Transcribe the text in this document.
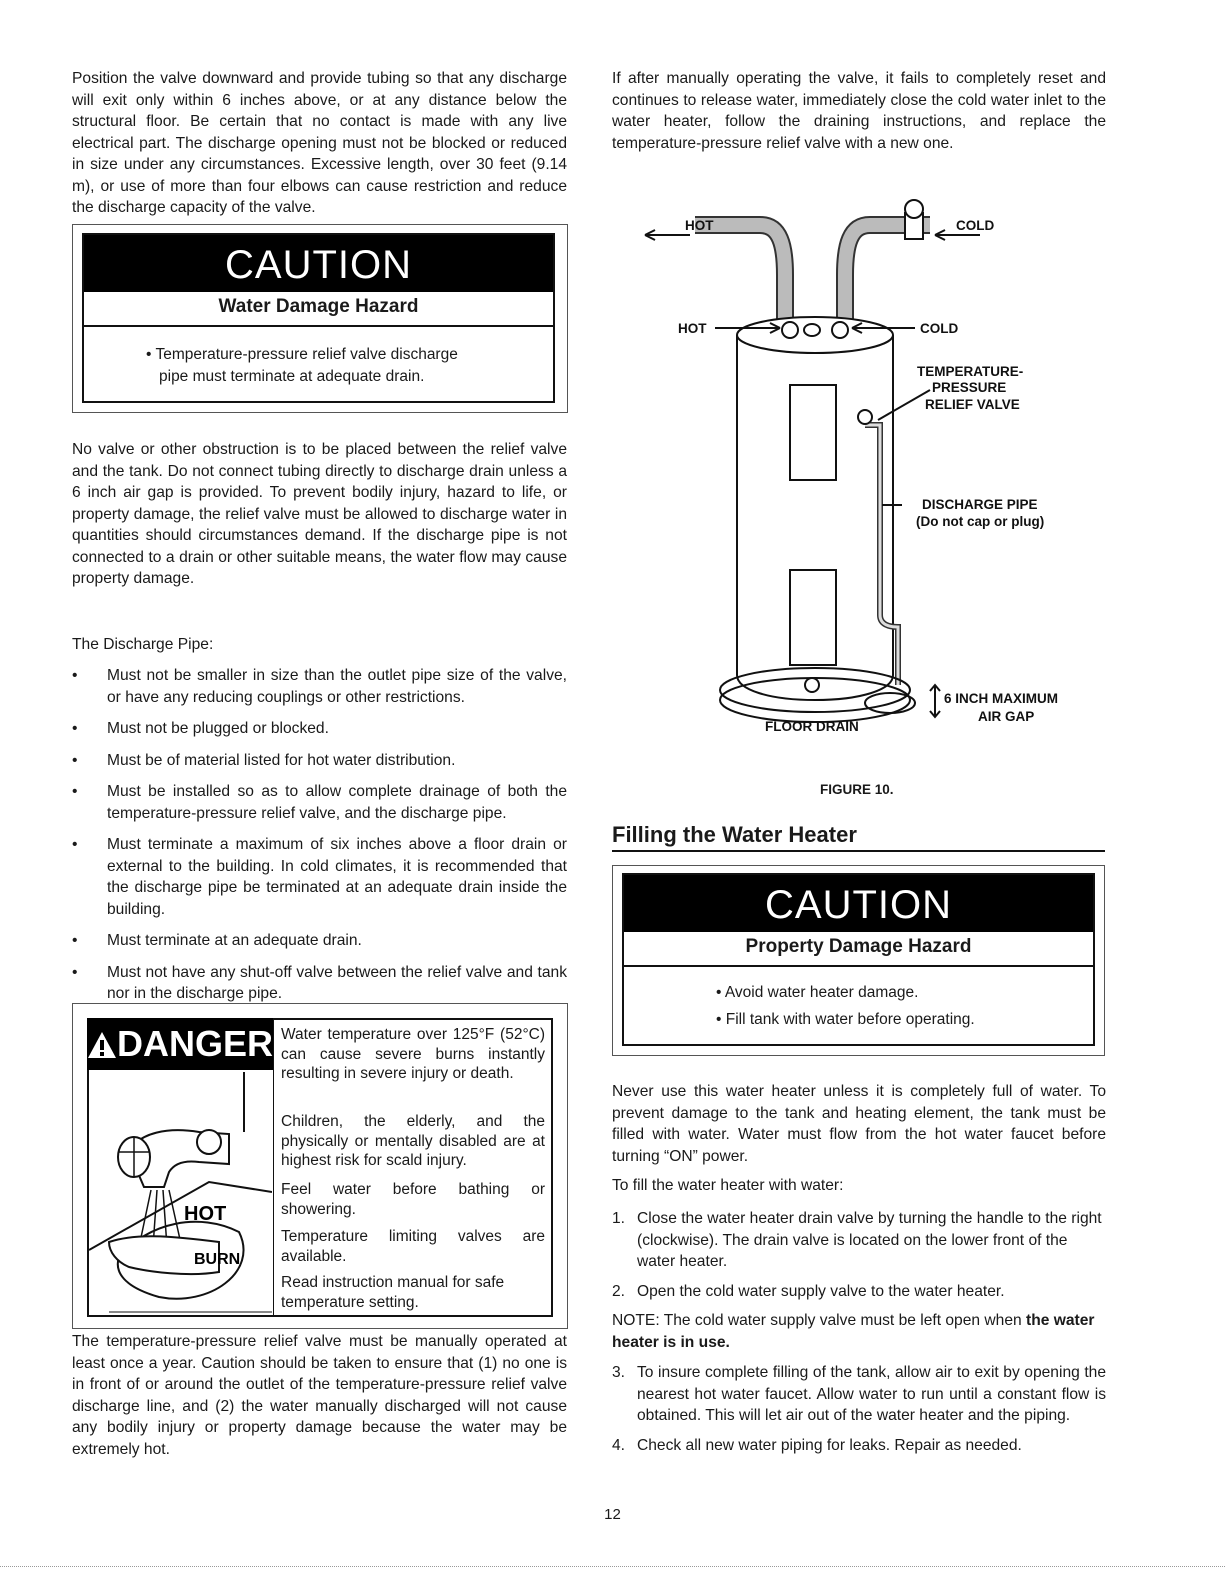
Position the valve downward and provide tubing so that any discharge will exit only within 6 inches above, or at any distance below the structural floor. Be certain that no contact is made with any live electrical part. The discharge opening must not be blocked or reduced in size under any circumstances. Excessive length, over 30 feet (9.14 m), or use of more than four elbows can cause restriction and reduce the discharge capacity of the valve.

CAUTION
Water Damage Hazard
• Temperature-pressure relief valve discharge
pipe must terminate at adequate drain.

No valve or other obstruction is to be placed between the relief valve and the tank. Do not connect tubing directly to discharge drain unless a 6 inch air gap is provided. To prevent bodily injury, hazard to life, or property damage, the relief valve must be allowed to discharge water in quantities should circumstances demand. If the discharge pipe is not connected to a drain or other suitable means, the water flow may cause property damage.

The Discharge Pipe:

• Must not be smaller in size than the outlet pipe size of the valve, or have any reducing couplings or other restrictions.
• Must not be plugged or blocked.
• Must be of material listed for hot water distribution.
• Must be installed so as to allow complete drainage of both the temperature-pressure relief valve, and the discharge pipe.
• Must terminate a maximum of six inches above a floor drain or external to the building. In cold climates, it is recommended that the discharge pipe be terminated at an adequate drain inside the building.
• Must terminate at an adequate drain.
• Must not have any shut-off valve between the relief valve and tank nor in the discharge pipe.
DANGER
HOT
BURN
Water temperature over 125°F (52°C) can cause severe burns instantly resulting in severe injury or death.
Children, the elderly, and the physically or mentally disabled are at highest risk for scald injury.
Feel water before bathing or showering.
Temperature limiting valves are available.
Read instruction manual for safe temperature setting.

The temperature-pressure relief valve must be manually operated at least once a year. Caution should be taken to ensure that (1) no one is in front of or around the outlet of the temperature-pressure relief valve discharge line, and (2) the water manually discharged will not cause any bodily injury or property damage because the water may be extremely hot.

If after manually operating the valve, it fails to completely reset and continues to release water, immediately close the cold water inlet to the water heater, follow the draining instructions, and replace the temperature-pressure relief valve with a new one.

HOT	COLD
HOT	COLD
TEMPERATURE-
PRESSURE
RELIEF VALVE
DISCHARGE PIPE
(Do not cap or plug)
6 INCH MAXIMUM
AIR GAP
FLOOR DRAIN
FIGURE 10.
Filling the Water Heater
CAUTION
Property Damage Hazard
• Avoid water heater damage.
• Fill tank with water before operating.

Never use this water heater unless it is completely full of water. To prevent damage to the tank and heating element, the tank must be filled with water. Water must flow from the hot water faucet before turning “ON” power.

To fill the water heater with water:

1. Close the water heater drain valve by turning the handle to the right (clockwise). The drain valve is located on the lower front of the water heater.
2. Open the cold water supply valve to the water heater.

NOTE: The cold water supply valve must be left open when the water heater is in use.

3. To insure complete filling of the tank, allow air to exit by opening the nearest hot water faucet. Allow water to run until a constant flow is obtained. This will let air out of the water heater and the piping.
4. Check all new water piping for leaks. Repair as needed.
12
